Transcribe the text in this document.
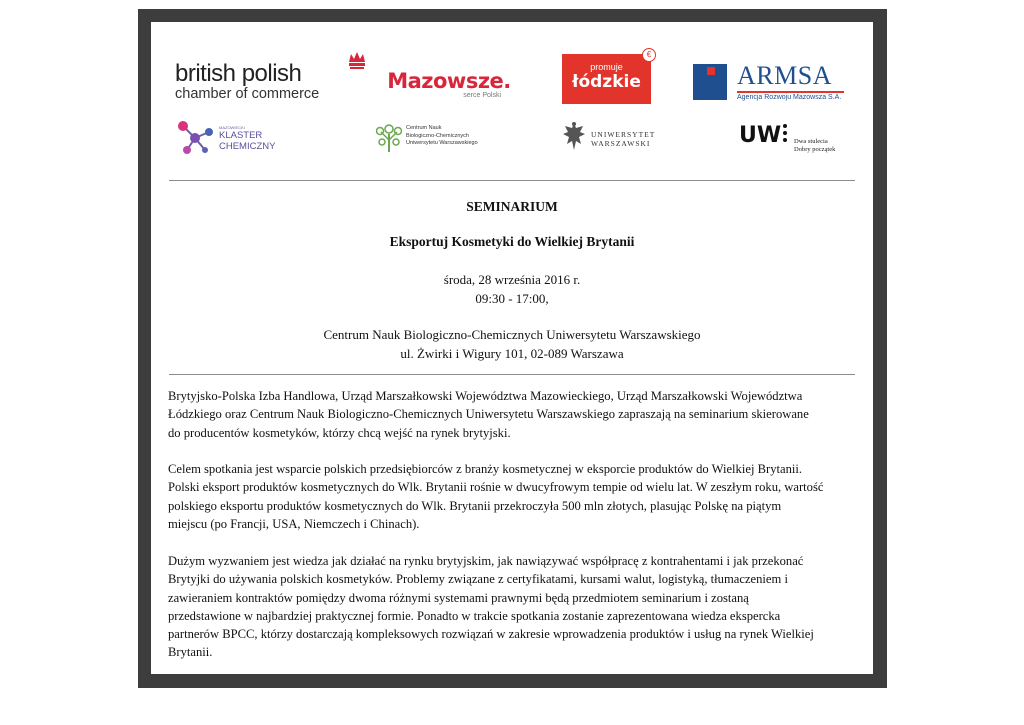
british polish
chamber of commerce
Mazowsze.
serce Polski
promuje
łódzkie
€
ARMSA
Agencja Rozwoju Mazowsza S.A.
MAZOWIECKI
KLASTER CHEMICZNY
Centrum Nauk
Biologiczno-Chemicznych
Uniwersytetu Warszawskiego
UNIWERSYTET
WARSZAWSKI	UW Dwa stulecia
Dobry początek
SEMINARIUM
Eksportuj Kosmetyki do Wielkiej Brytanii
środa, 28 września 2016 r.
09:30 - 17:00,
Centrum Nauk Biologiczno-Chemicznych Uniwersytetu Warszawskiego
ul. Żwirki i Wigury 101, 02-089 Warszawa
Brytyjsko-Polska Izba Handlowa, Urząd Marszałkowski Województwa Mazowieckiego, Urząd Marszałkowski Województwa
Łódzkiego oraz Centrum Nauk Biologiczno-Chemicznych Uniwersytetu Warszawskiego zapraszają na seminarium skierowane
do producentów kosmetyków, którzy chcą wejść na rynek brytyjski.
Celem spotkania jest wsparcie polskich przedsiębiorców z branży kosmetycznej w eksporcie produktów do Wielkiej Brytanii.
Polski eksport produktów kosmetycznych do Wlk. Brytanii rośnie w dwucyfrowym tempie od wielu lat. W zeszłym roku, wartość
polskiego eksportu produktów kosmetycznych do Wlk. Brytanii przekroczyła 500 mln złotych, plasując Polskę na piątym
miejscu (po Francji, USA, Niemczech i Chinach).
Dużym wyzwaniem jest wiedza jak działać na rynku brytyjskim, jak nawiązywać współpracę z kontrahentami i jak przekonać
Brytyjki do używania polskich kosmetyków. Problemy związane z certyfikatami, kursami walut, logistyką, tłumaczeniem i
zawieraniem kontraktów pomiędzy dwoma różnymi systemami prawnymi będą przedmiotem seminarium i zostaną
przedstawione w najbardziej praktycznej formie. Ponadto w trakcie spotkania zostanie zaprezentowana wiedza ekspercka
partnerów BPCC, którzy dostarczają kompleksowych rozwiązań w zakresie wprowadzenia produktów i usług na rynek Wielkiej
Brytanii.
